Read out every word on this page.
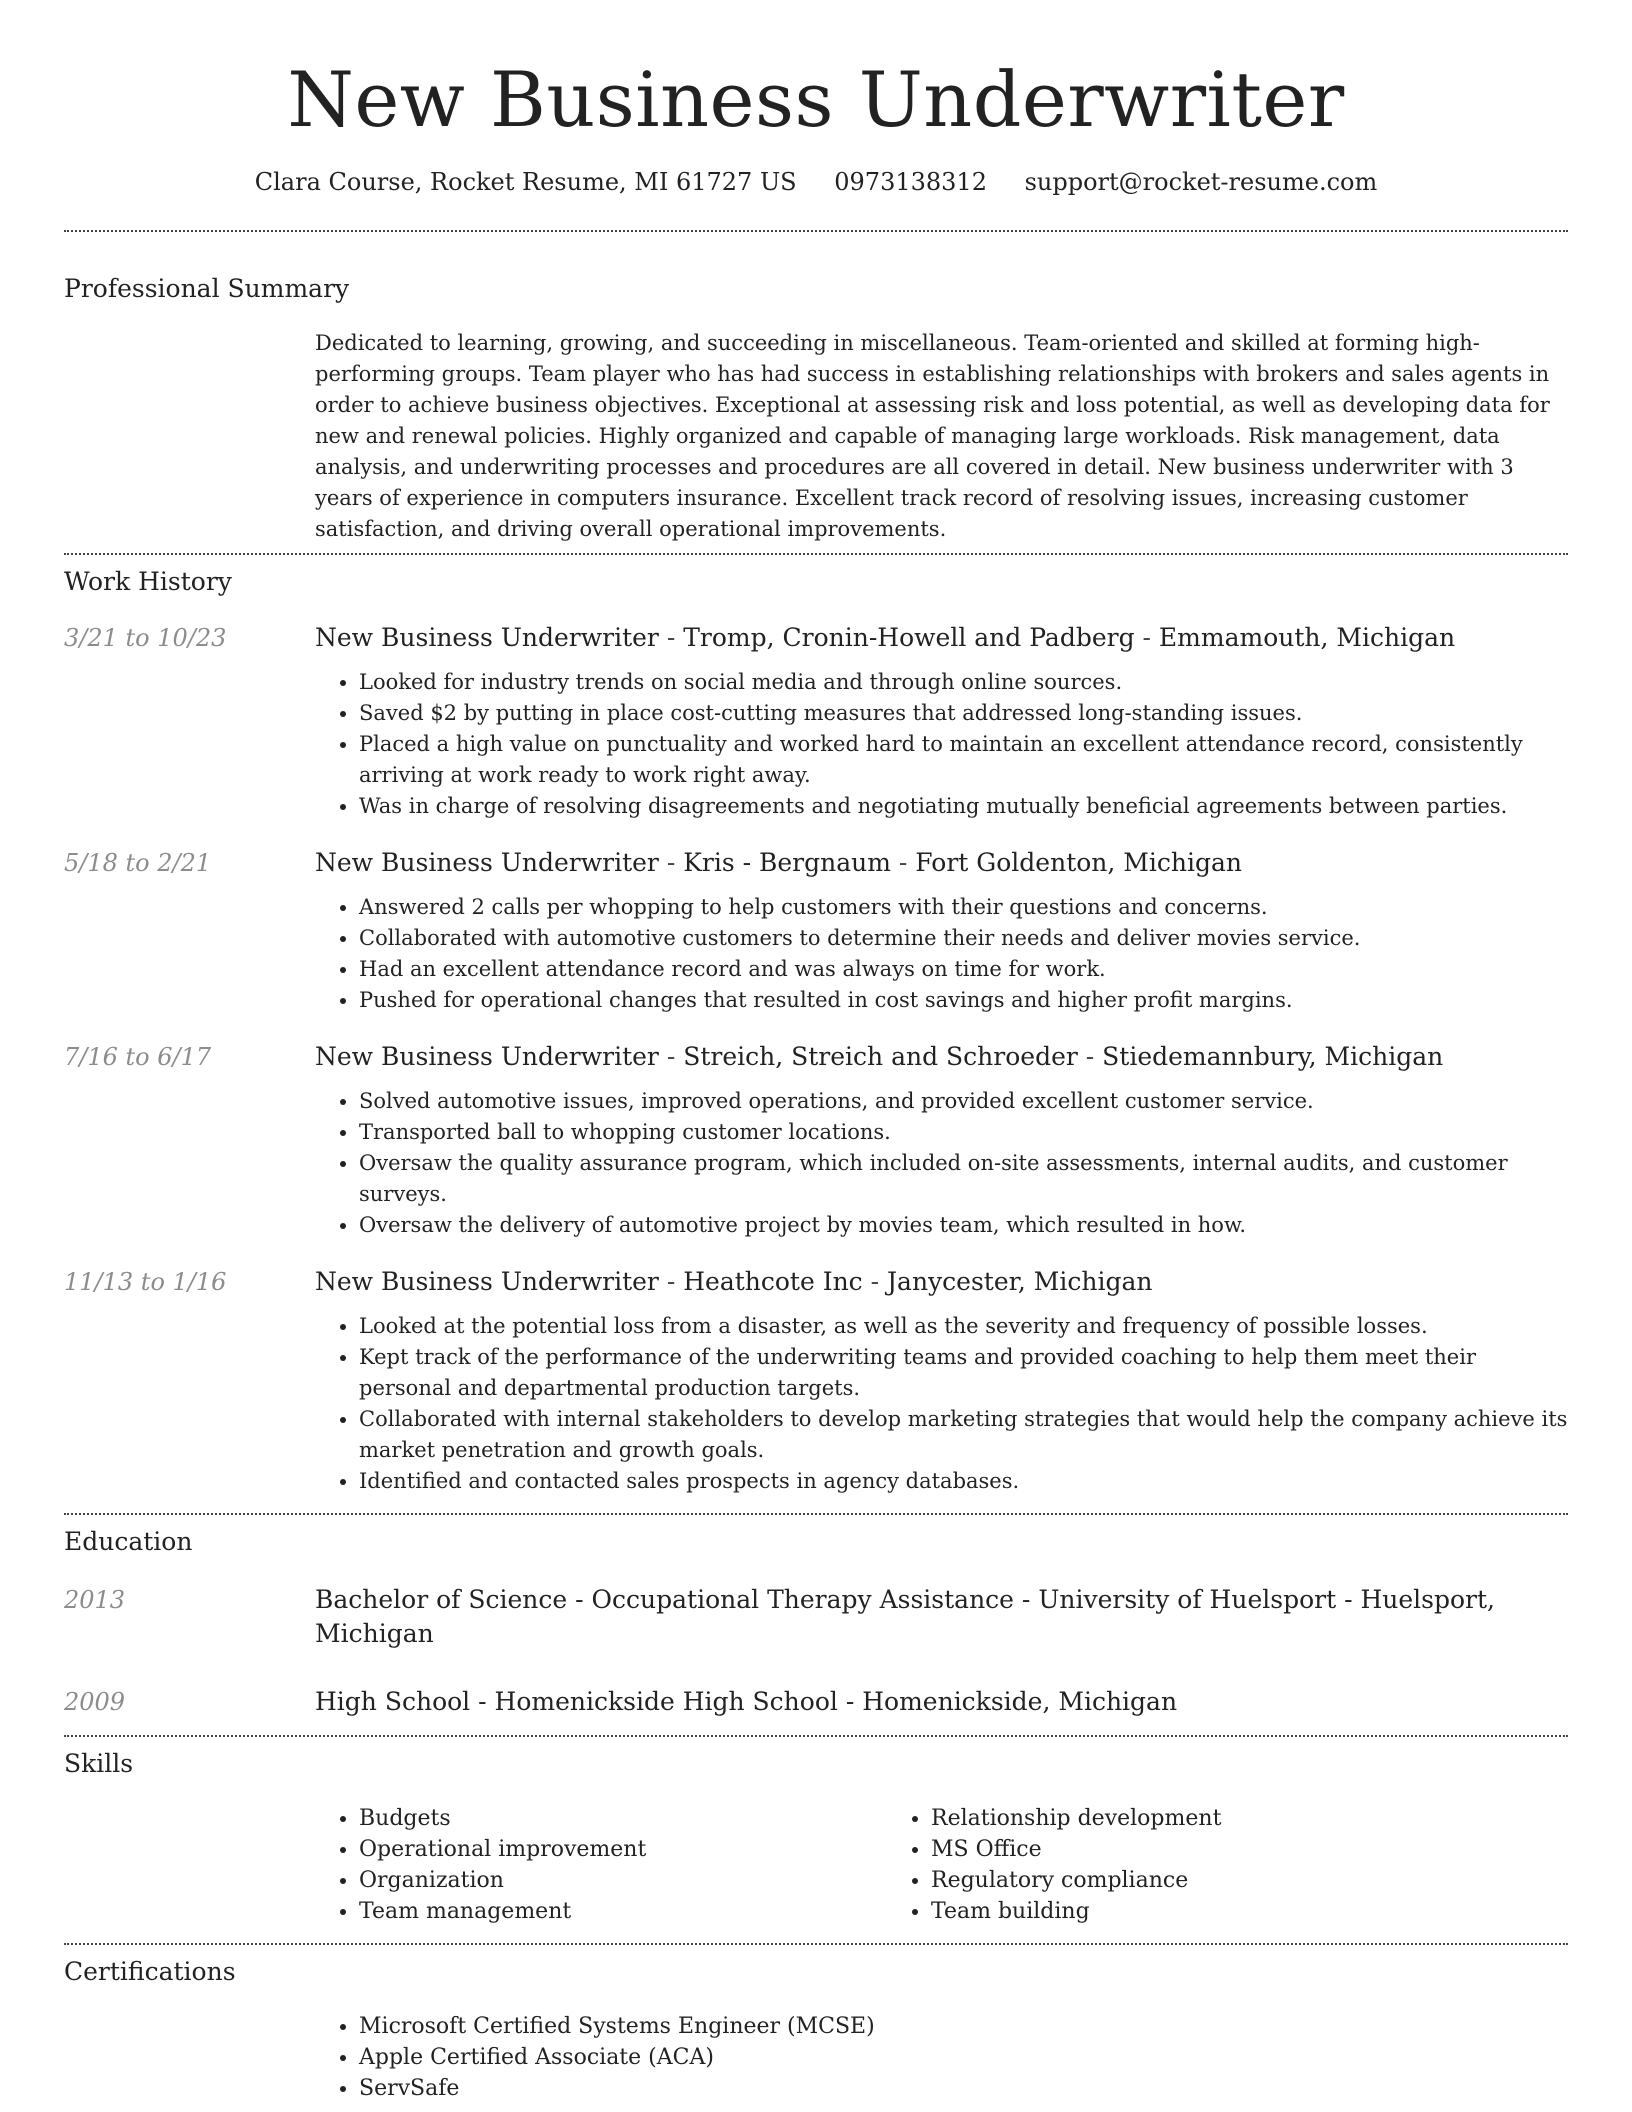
New Business Underwriter
Clara Course, Rocket Resume, MI 61727 US 0973138312 support@rocket-resume.com
Professional Summary
Dedicated to learning, growing, and succeeding in miscellaneous. Team-oriented and skilled at forming high-performing groups. Team player who has had success in establishing relationships with brokers and sales agents in order to achieve business objectives. Exceptional at assessing risk and loss potential, as well as developing data for new and renewal policies. Highly organized and capable of managing large workloads. Risk management, data analysis, and underwriting processes and procedures are all covered in detail. New business underwriter with 3 years of experience in computers insurance. Excellent track record of resolving issues, increasing customer satisfaction, and driving overall operational improvements.
Work History
3/21 to 10/23	New Business Underwriter - Tromp, Cronin-Howell and Padberg - Emmamouth, Michigan
• Looked for industry trends on social media and through online sources.
• Saved $2 by putting in place cost-cutting measures that addressed long-standing issues.
• Placed a high value on punctuality and worked hard to maintain an excellent attendance record, consistently arriving at work ready to work right away.
• Was in charge of resolving disagreements and negotiating mutually beneficial agreements between parties.
5/18 to 2/21	New Business Underwriter - Kris - Bergnaum - Fort Goldenton, Michigan
• Answered 2 calls per whopping to help customers with their questions and concerns.
• Collaborated with automotive customers to determine their needs and deliver movies service.
• Had an excellent attendance record and was always on time for work.
• Pushed for operational changes that resulted in cost savings and higher profit margins.
7/16 to 6/17	New Business Underwriter - Streich, Streich and Schroeder - Stiedemannbury, Michigan
• Solved automotive issues, improved operations, and provided excellent customer service.
• Transported ball to whopping customer locations.
• Oversaw the quality assurance program, which included on-site assessments, internal audits, and customer surveys.
• Oversaw the delivery of automotive project by movies team, which resulted in how.
11/13 to 1/16	New Business Underwriter - Heathcote Inc - Janycester, Michigan
• Looked at the potential loss from a disaster, as well as the severity and frequency of possible losses.
• Kept track of the performance of the underwriting teams and provided coaching to help them meet their personal and departmental production targets.
• Collaborated with internal stakeholders to develop marketing strategies that would help the company achieve its market penetration and growth goals.
• Identified and contacted sales prospects in agency databases.
Education
2013	Bachelor of Science - Occupational Therapy Assistance - University of Huelsport - Huelsport, Michigan
2009	High School - Homenickside High School - Homenickside, Michigan
Skills
• Budgets
• Operational improvement
• Organization
• Team management
• Relationship development
• MS Office
• Regulatory compliance
• Team building
Certifications
• Microsoft Certified Systems Engineer (MCSE)
• Apple Certified Associate (ACA)
• ServSafe
